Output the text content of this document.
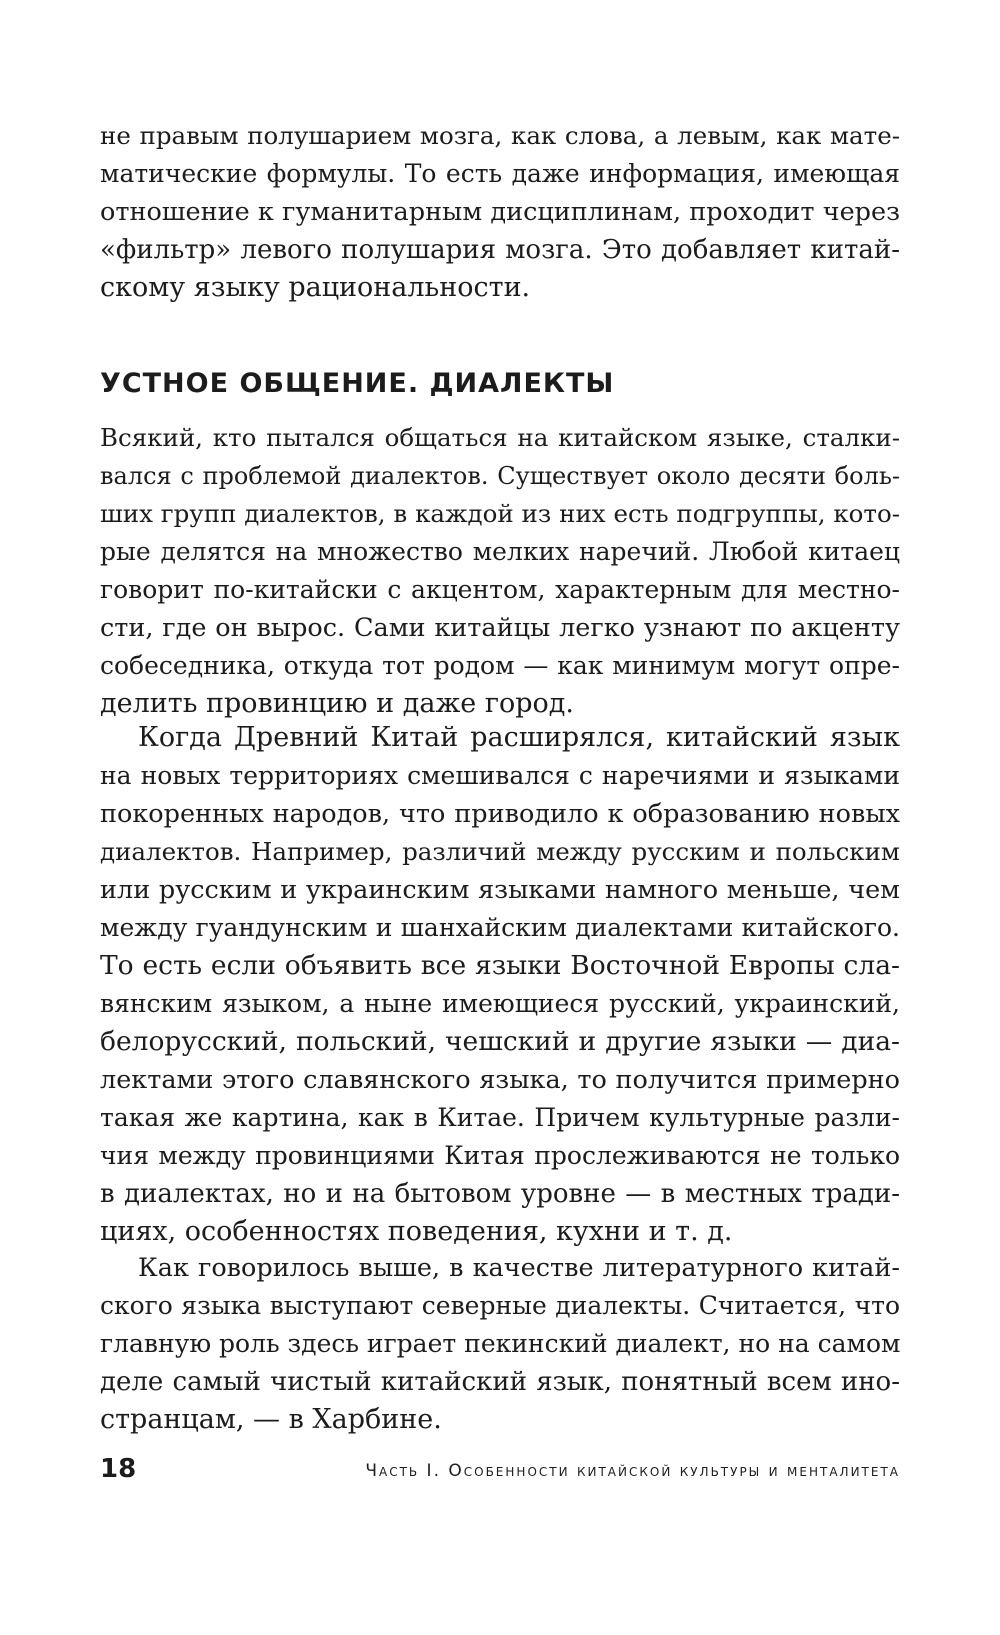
не правым полушарием мозга, как слова, а левым, как мате-
матические формулы. То есть даже информация, имеющая
отношение к гуманитарным дисциплинам, проходит через
«фильтр» левого полушария мозга. Это добавляет китай-
скому языку рациональности.
УСТНОЕ ОБЩЕНИЕ. ДИАЛЕКТЫ
Всякий, кто пытался общаться на китайском языке, сталки-
вался с проблемой диалектов. Существует около десяти боль-
ших групп диалектов, в каждой из них есть подгруппы, кото-
рые делятся на множество мелких наречий. Любой китаец
говорит по-китайски с акцентом, характерным для местно-
сти, где он вырос. Сами китайцы легко узнают по акценту
собеседника, откуда тот родом — как минимум могут опре-
делить провинцию и даже город.
Когда Древний Китай расширялся, китайский язык
на новых территориях смешивался с наречиями и языками
покоренных народов, что приводило к образованию новых
диалектов. Например, различий между русским и польским
или русским и украинским языками намного меньше, чем
между гуандунским и шанхайским диалектами китайского.
То есть если объявить все языки Восточной Европы сла-
вянским языком, а ныне имеющиеся русский, украинский,
белорусский, польский, чешский и другие языки — диа-
лектами этого славянского языка, то получится примерно
такая же картина, как в Китае. Причем культурные разли-
чия между провинциями Китая прослеживаются не только
в диалектах, но и на бытовом уровне — в местных тради-
циях, особенностях поведения, кухни и т. д.
Как говорилось выше, в качестве литературного китай-
ского языка выступают северные диалекты. Считается, что
главную роль здесь играет пекинский диалект, но на самом
деле самый чистый китайский язык, понятный всем ино-
странцам, — в Харбине.
18	Часть I. Особенности китайской культуры и менталитета
